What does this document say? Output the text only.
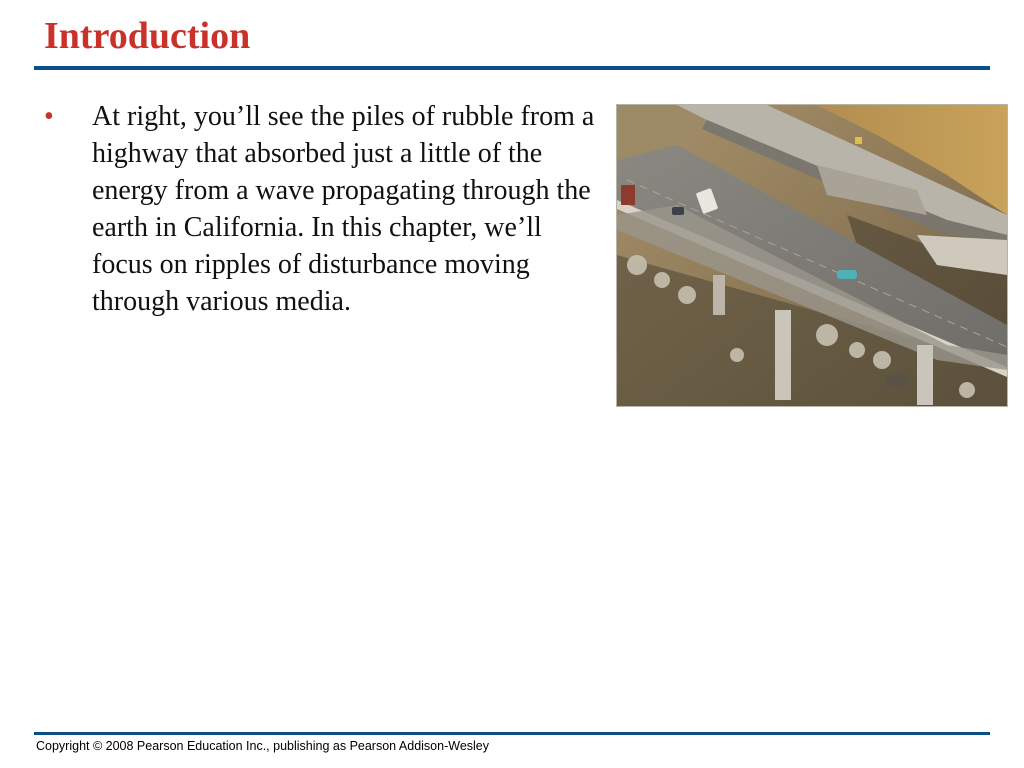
Introduction
• At right, you’ll see the piles of rubble from a highway that absorbed just a little of the energy from a wave propagating through the earth in California. In this chapter, we’ll focus on ripples of disturbance moving through various media.
Copyright © 2008 Pearson Education Inc., publishing as Pearson Addison-Wesley
